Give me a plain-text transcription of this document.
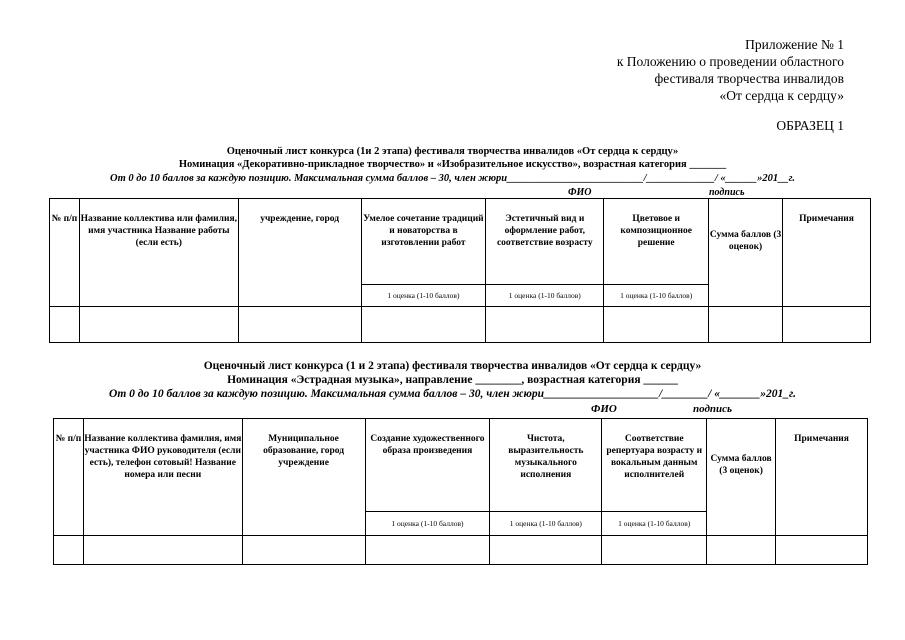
Приложение № 1
к Положению о проведении областного
фестиваля творчества инвалидов
«От сердца к сердцу»
ОБРАЗЕЦ 1
Оценочный лист конкурса (1и 2 этапа) фестиваля творчества инвалидов «От сердца к сердцу»
Номинация «Декоративно-прикладное творчество» и «Изобразительное искусство», возрастная категория _______
От 0 до 10 баллов за каждую позицию. Максимальная сумма баллов – 30, член жюри__________________________/_____________/ «______»201__г.
ФИО	подпись
№ п/п	Название коллектива или фамилия, имя участника Название работы (если есть)	учреждение, город	Умелое сочетание традиций и новаторства в изготовлении работ	Эстетичный вид и оформление работ, соответствие возрасту	Цветовое и композиционное решение	Сумма баллов (3 оценок)	Примечания

			1 оценка (1-10 баллов)	1 оценка (1-10 баллов)	1 оценка (1-10 баллов)		

Оценочный лист конкурса (1 и 2 этапа) фестиваля творчества инвалидов «От сердца к сердцу»
Номинация «Эстрадная музыка», направление ________, возрастная категория ______
От 0 до 10 баллов за каждую позицию. Максимальная сумма баллов – 30, член жюри____________________/________/ «_______»201_г.
ФИО	подпись
№ п/п	Название коллектива фамилия, имя участника ФИО руководителя (если есть), телефон сотовый! Название номера или песни	Муниципальное образование, город учреждение	Создание художественного образа произведения	Чистота, выразительность музыкального исполнения	Соответствие репертуара возрасту и вокальным данным исполнителей	Сумма баллов (3 оценок)	Примечания

			1 оценка (1-10 баллов)	1 оценка (1-10 баллов)	1 оценка (1-10 баллов)		
